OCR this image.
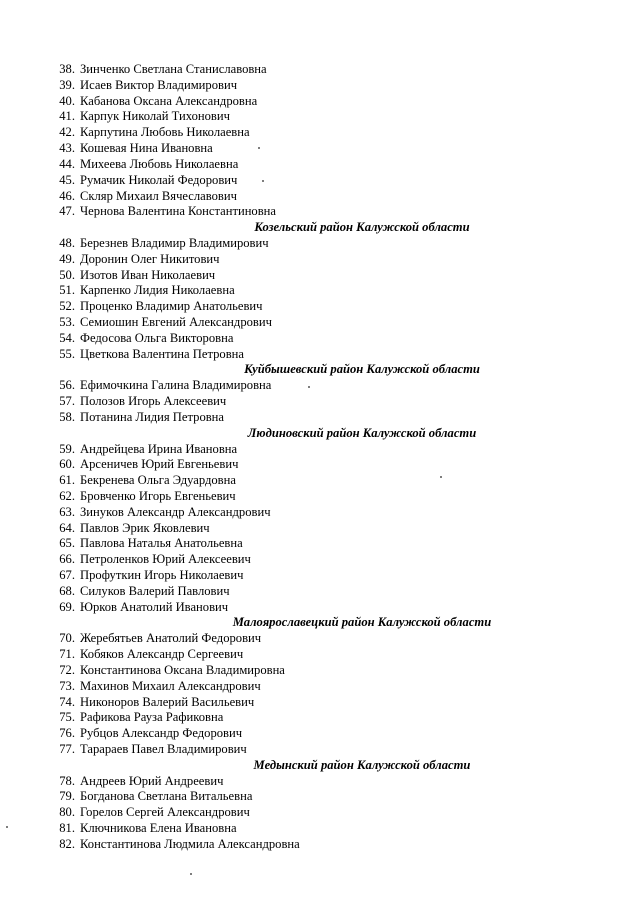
38. Зинченко Светлана Станиславовна
39. Исаев Виктор Владимирович
40. Кабанова Оксана Александровна
41. Карпук Николай Тихонович
42. Карпутина Любовь Николаевна
43. Кошевая Нина Ивановна
44. Михеева Любовь Николаевна
45. Румачик Николай Федорович
46. Скляр Михаил Вячеславович
47. Чернова Валентина Константиновна
Козельский район Калужской области
48. Березнев Владимир Владимирович
49. Доронин Олег Никитович
50. Изотов Иван Николаевич
51. Карпенко Лидия Николаевна
52. Проценко Владимир Анатольевич
53. Семиошин Евгений Александрович
54. Федосова Ольга Викторовна
55. Цветкова Валентина Петровна
Куйбышевский район Калужской области
56. Ефимочкина Галина Владимировна
57. Полозов Игорь Алексеевич
58. Потанина Лидия Петровна
Людиновский район Калужской области
59. Андрейцева Ирина Ивановна
60. Арсеничев Юрий Евгеньевич
61. Бекренева Ольга Эдуардовна
62. Бровченко Игорь Евгеньевич
63. Зинуков Александр Александрович
64. Павлов Эрик Яковлевич
65. Павлова Наталья Анатольевна
66. Петроленков Юрий Алексеевич
67. Профуткин Игорь Николаевич
68. Силуков Валерий Павлович
69. Юрков Анатолий Иванович
Малоярославецкий район Калужской области
70. Жеребятьев Анатолий Федорович
71. Кобяков Александр Сергеевич
72. Константинова Оксана Владимировна
73. Махинов Михаил Александрович
74. Никоноров Валерий Васильевич
75. Рафикова Рауза Рафиковна
76. Рубцов Александр Федорович
77. Тарараев Павел Владимирович
Медынский район Калужской области
78. Андреев Юрий Андреевич
79. Богданова Светлана Витальевна
80. Горелов Сергей Александрович
81. Ключникова Елена Ивановна
82. Константинова Людмила Александровна
